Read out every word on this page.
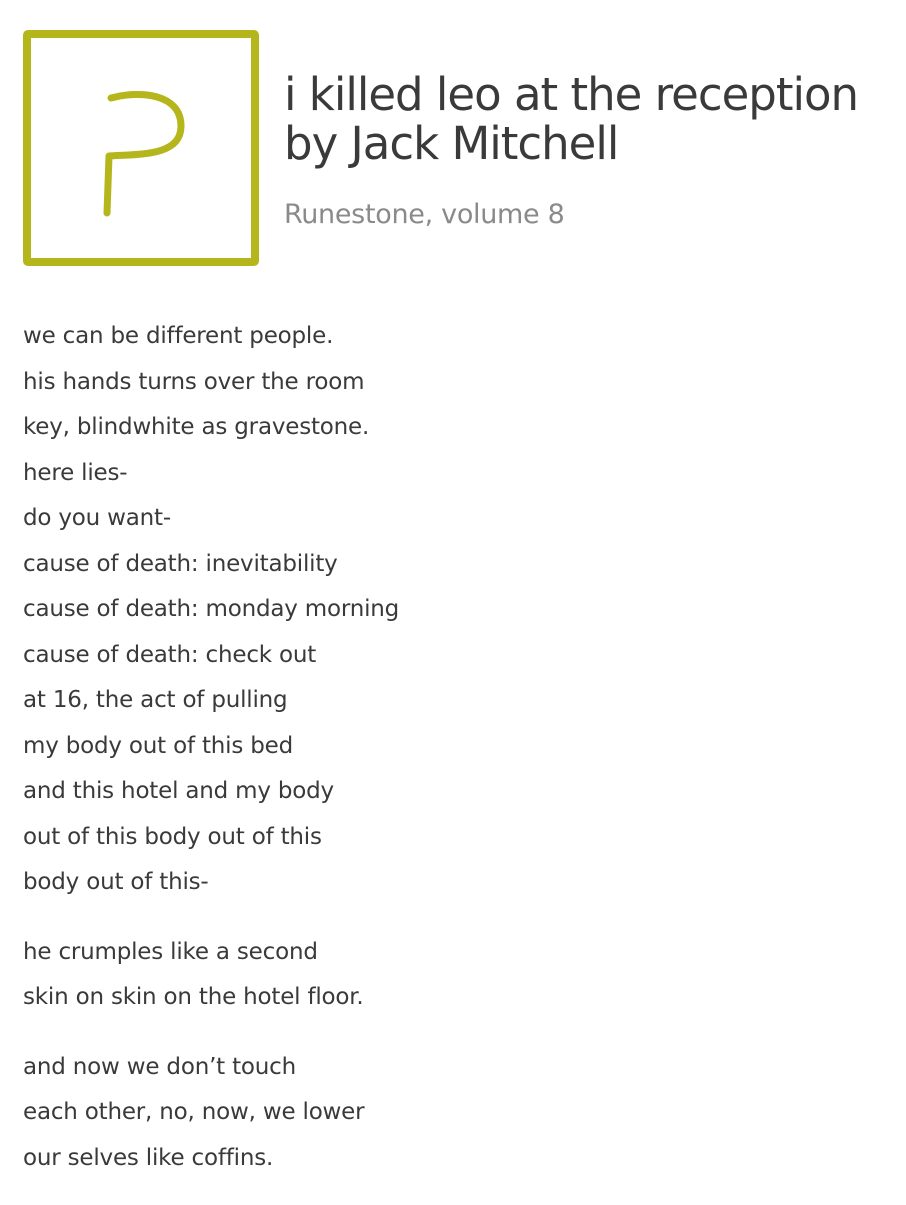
i killed leo at the reception
by Jack Mitchell
Runestone, volume 8
we can be different people.
his hands turns over the room
key, blindwhite as gravestone.
here lies-
do you want-
cause of death: inevitability
cause of death: monday morning
cause of death: check out
at 16, the act of pulling
my body out of this bed
and this hotel and my body
out of this body out of this
body out of this-
he crumples like a second
skin on skin on the hotel floor.
and now we don’t touch
each other, no, now, we lower
our selves like coffins.
